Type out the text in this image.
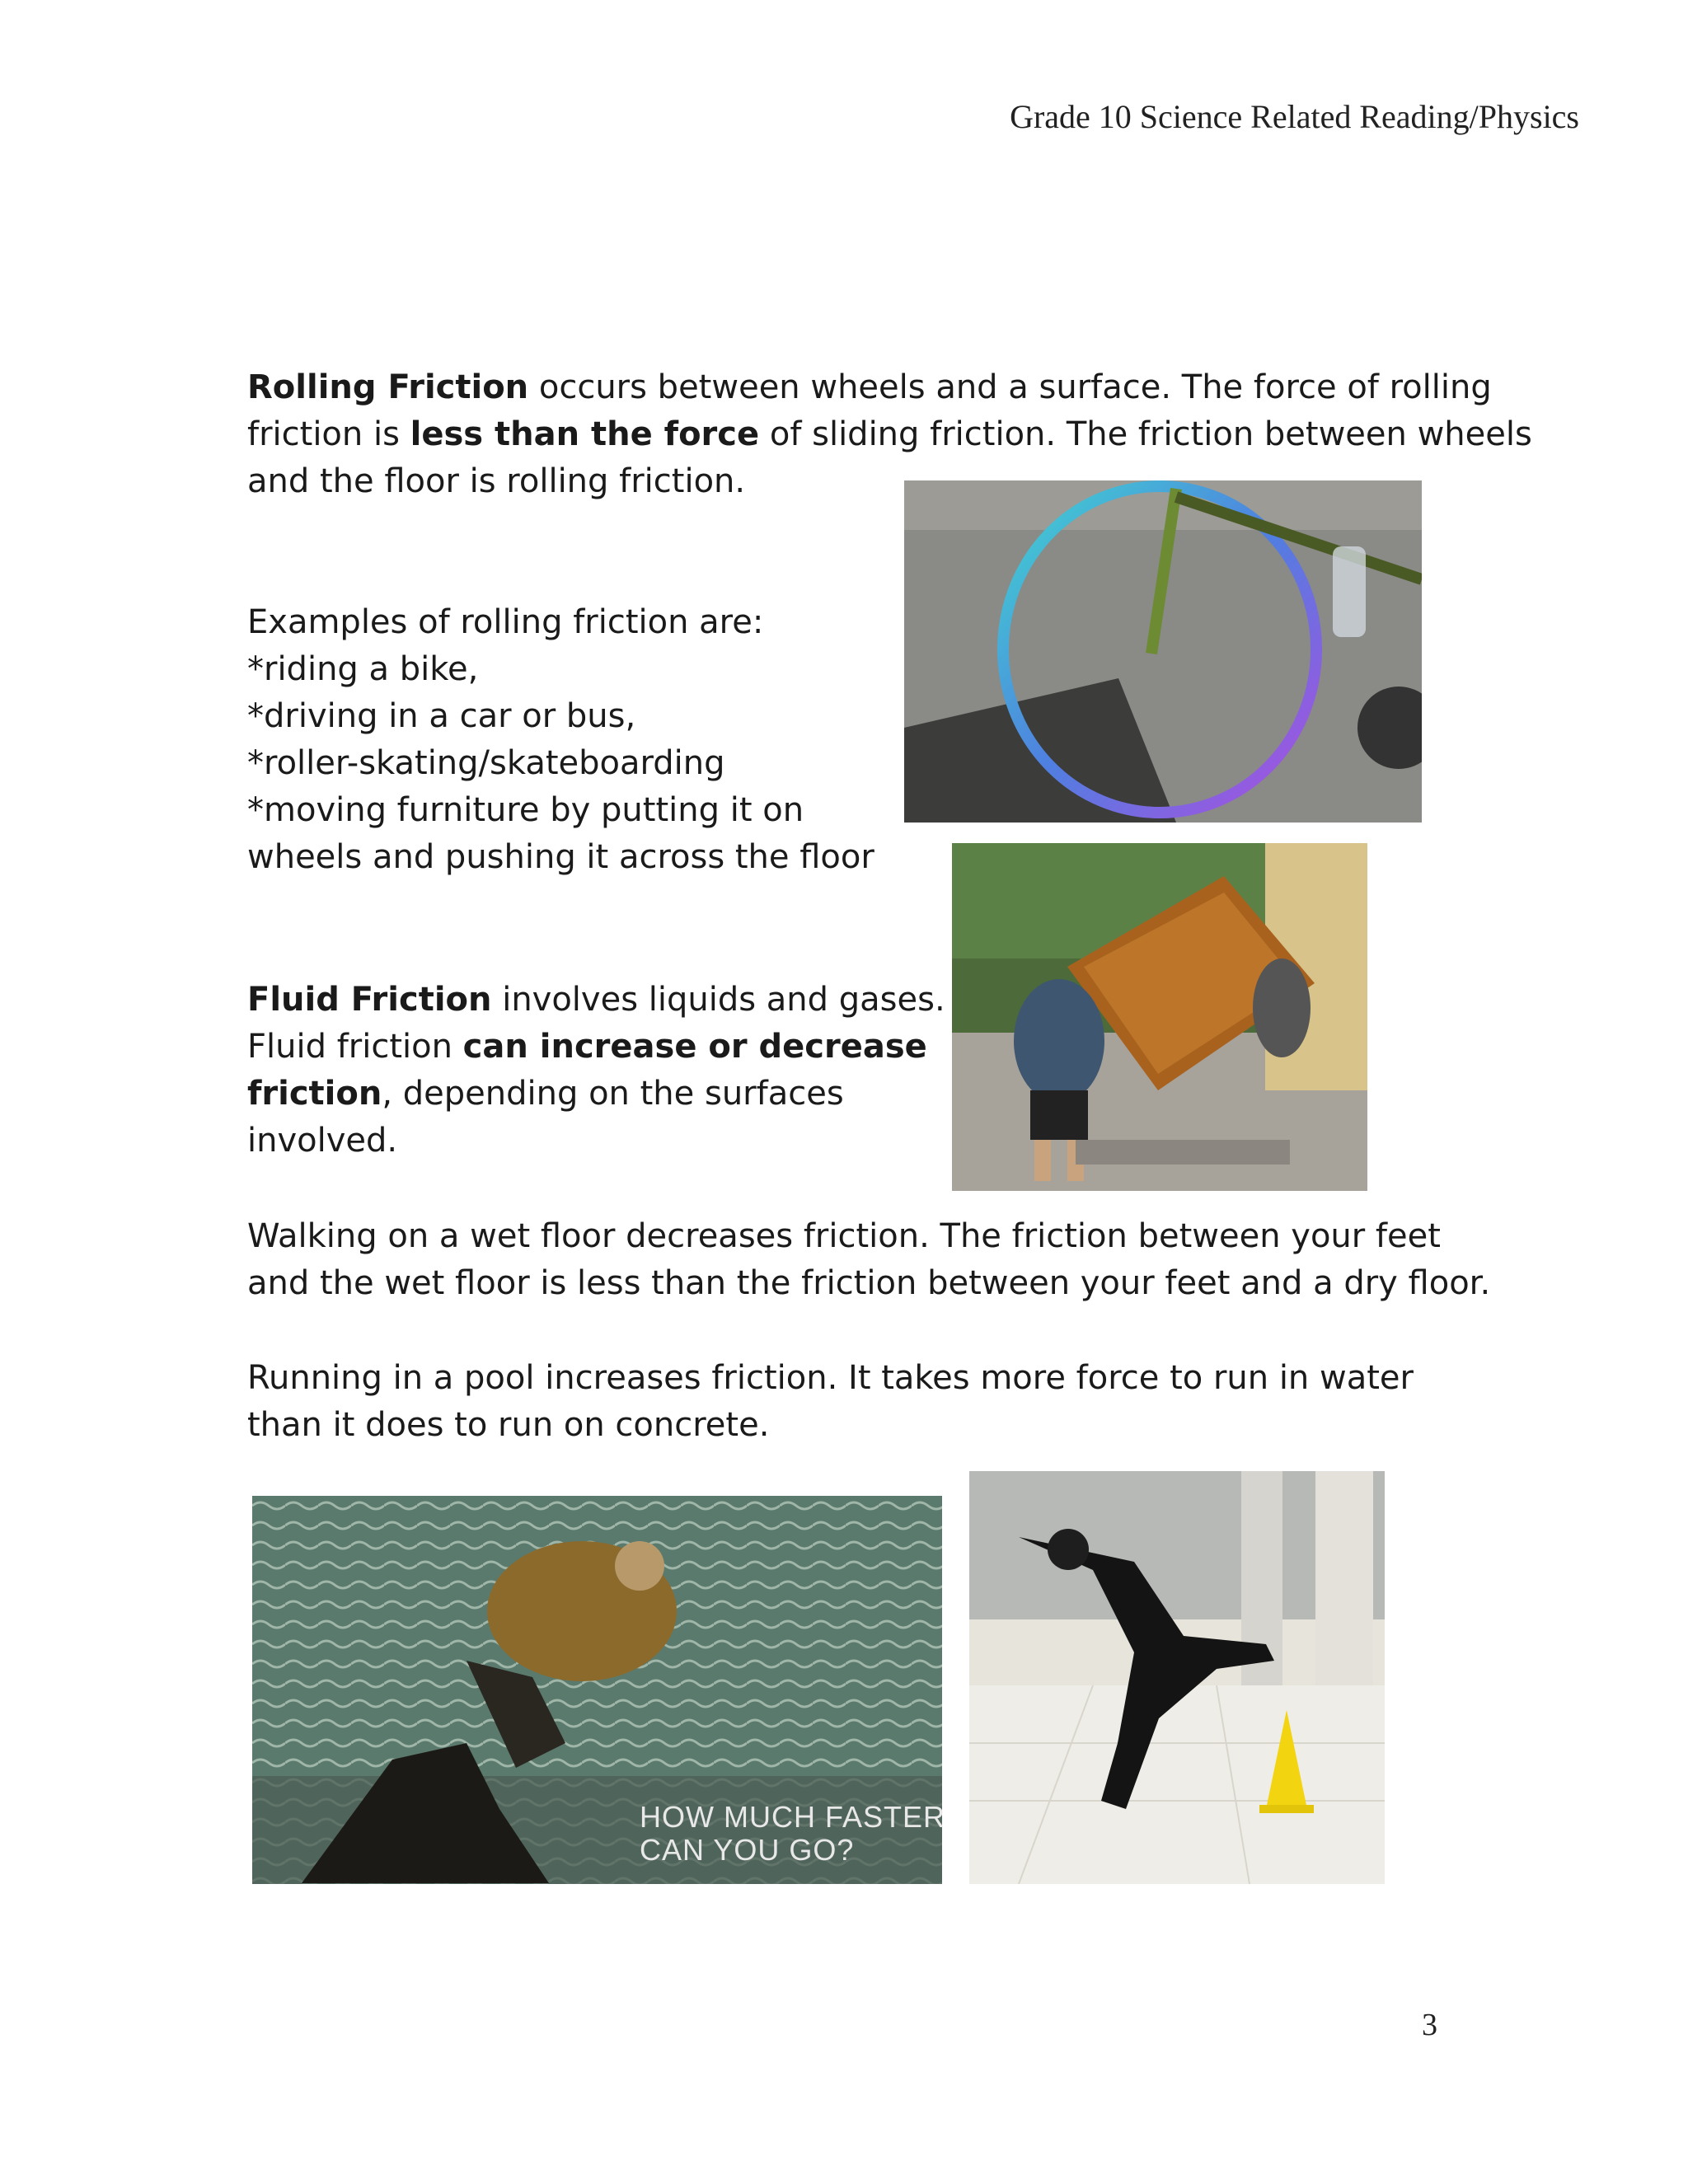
Grade 10 Science Related Reading/Physics
Rolling Friction occurs between wheels and a surface. The force of rolling
friction is less than the force of sliding friction. The friction between wheels
and the floor is rolling friction.
Examples of rolling friction are:
*riding a bike,
*driving in a car or bus,
*roller-skating/skateboarding
*moving furniture by putting it on
wheels and pushing it across the floor
Fluid Friction involves liquids and gases.
Fluid friction can increase or decrease
friction, depending on the surfaces
involved.
Walking on a wet floor decreases friction. The friction between your feet
and the wet floor is less than the friction between your feet and a dry floor.
Running in a pool increases friction. It takes more force to run in water
than it does to run on concrete.
HOW MUCH FASTER
CAN YOU GO?
3
